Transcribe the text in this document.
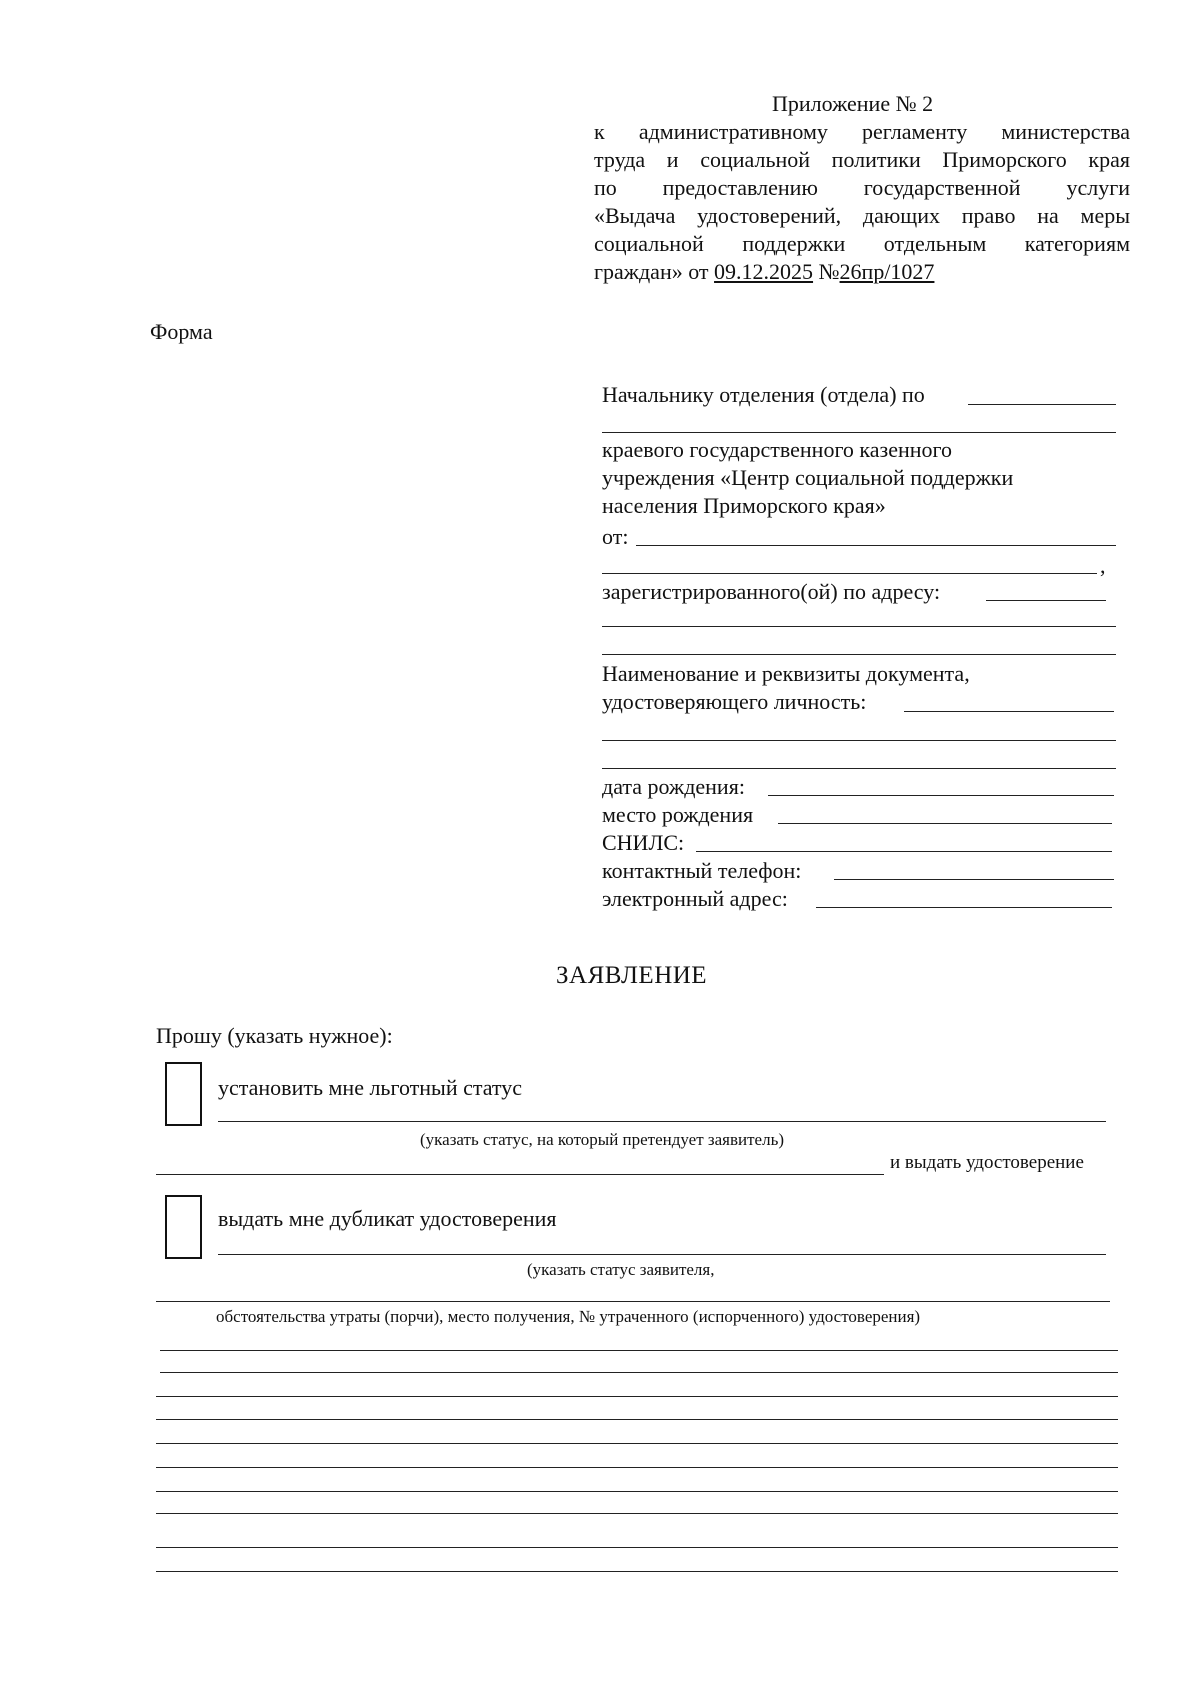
Приложение № 2
к административному регламенту министерства
труда и социальной политики Приморского края
по предоставлению государственной услуги
«Выдача удостоверений, дающих право на меры
социальной поддержки отдельным категориям
граждан» от 09.12.2025 №26пр/1027
Форма
Начальнику отделения (отдела) по
краевого государственного казенного
учреждения «Центр социальной поддержки
населения Приморского края»
от:
,
зарегистрированного(ой) по адресу:
Наименование и реквизиты документа,
удостоверяющего личность:
дата рождения:
место рождения
СНИЛС:
контактный телефон:
электронный адрес:
ЗАЯВЛЕНИЕ
Прошу (указать нужное):
установить мне льготный статус
(указать статус, на который претендует заявитель)
и выдать удостоверение
выдать мне дубликат удостоверения
(указать статус заявителя,
обстоятельства утраты (порчи), место получения, № утраченного (испорченного) удостоверения)
